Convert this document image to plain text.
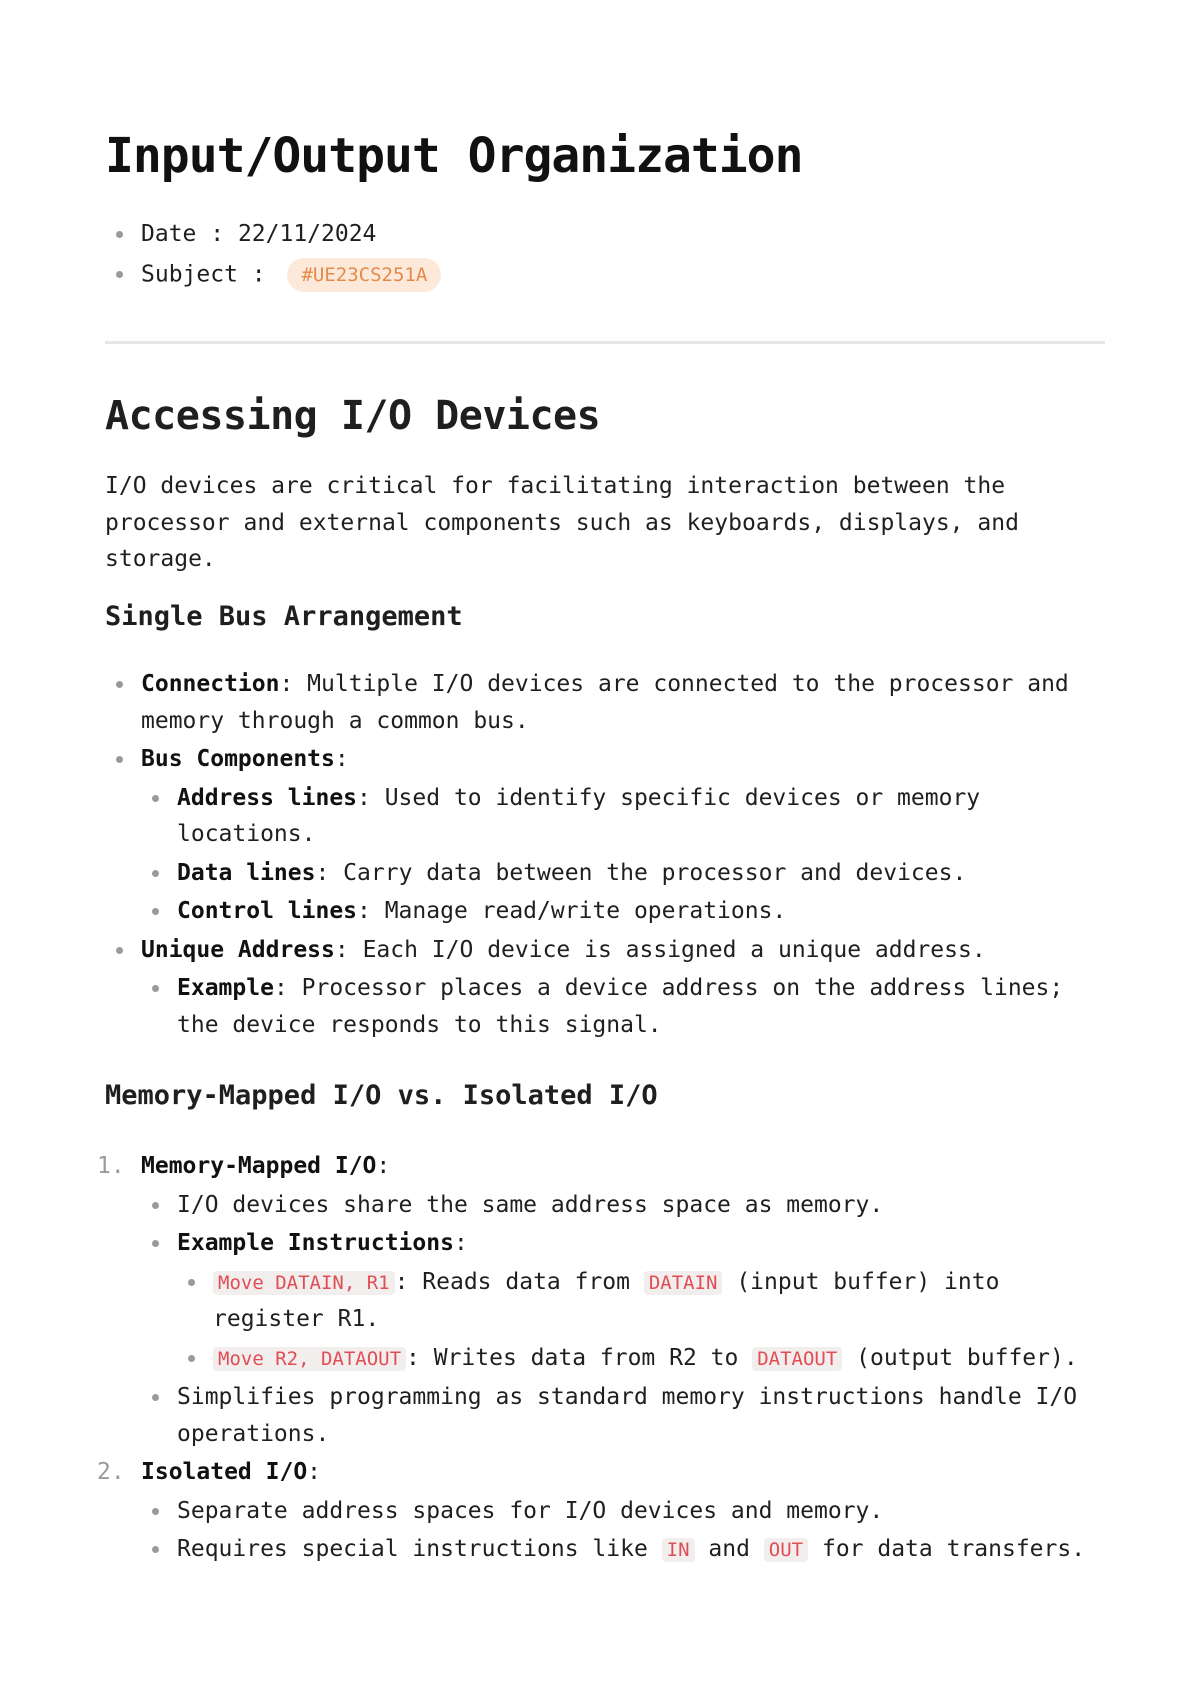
Input/Output Organization
Date : 22/11/2024
Subject : #UE23CS251A
Accessing I/O Devices

I/O devices are critical for facilitating interaction between the processor and external components such as keyboards, displays, and storage.

Single Bus Arrangement
Connection: Multiple I/O devices are connected to the processor and memory through a common bus.
Bus Components:
Address lines: Used to identify specific devices or memory locations.
Data lines: Carry data between the processor and devices.
Control lines: Manage read/write operations.
Unique Address: Each I/O device is assigned a unique address.
Example: Processor places a device address on the address lines; the device responds to this signal.
Memory-Mapped I/O vs. Isolated I/O
1. Memory-Mapped I/O:
I/O devices share the same address space as memory.
Example Instructions:
Move DATAIN, R1 : Reads data from DATAIN (input buffer) into register R1.
Move R2, DATAOUT : Writes data from R2 to DATAOUT (output buffer).
Simplifies programming as standard memory instructions handle I/O operations.
2. Isolated I/O:
Separate address spaces for I/O devices and memory.
Requires special instructions like IN and OUT for data transfers.
